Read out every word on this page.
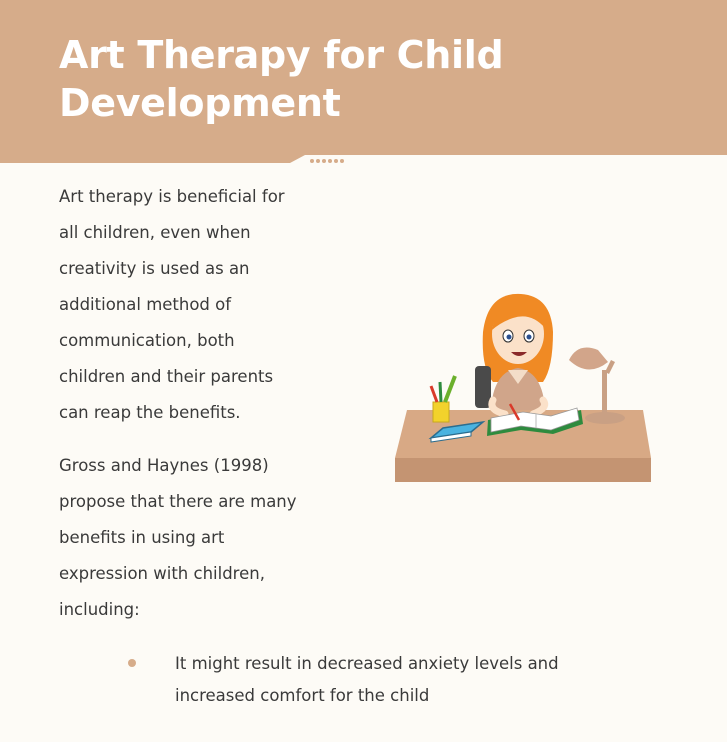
Art Therapy for Child
Development

Art therapy is beneficial for
all children, even when
creativity is used as an
additional method of
communication, both
children and their parents
can reap the benefits.

Gross and Haynes (1998)
propose that there are many
benefits in using art
expression with children,
including:

It might result in decreased anxiety levels and
increased comfort for the child
